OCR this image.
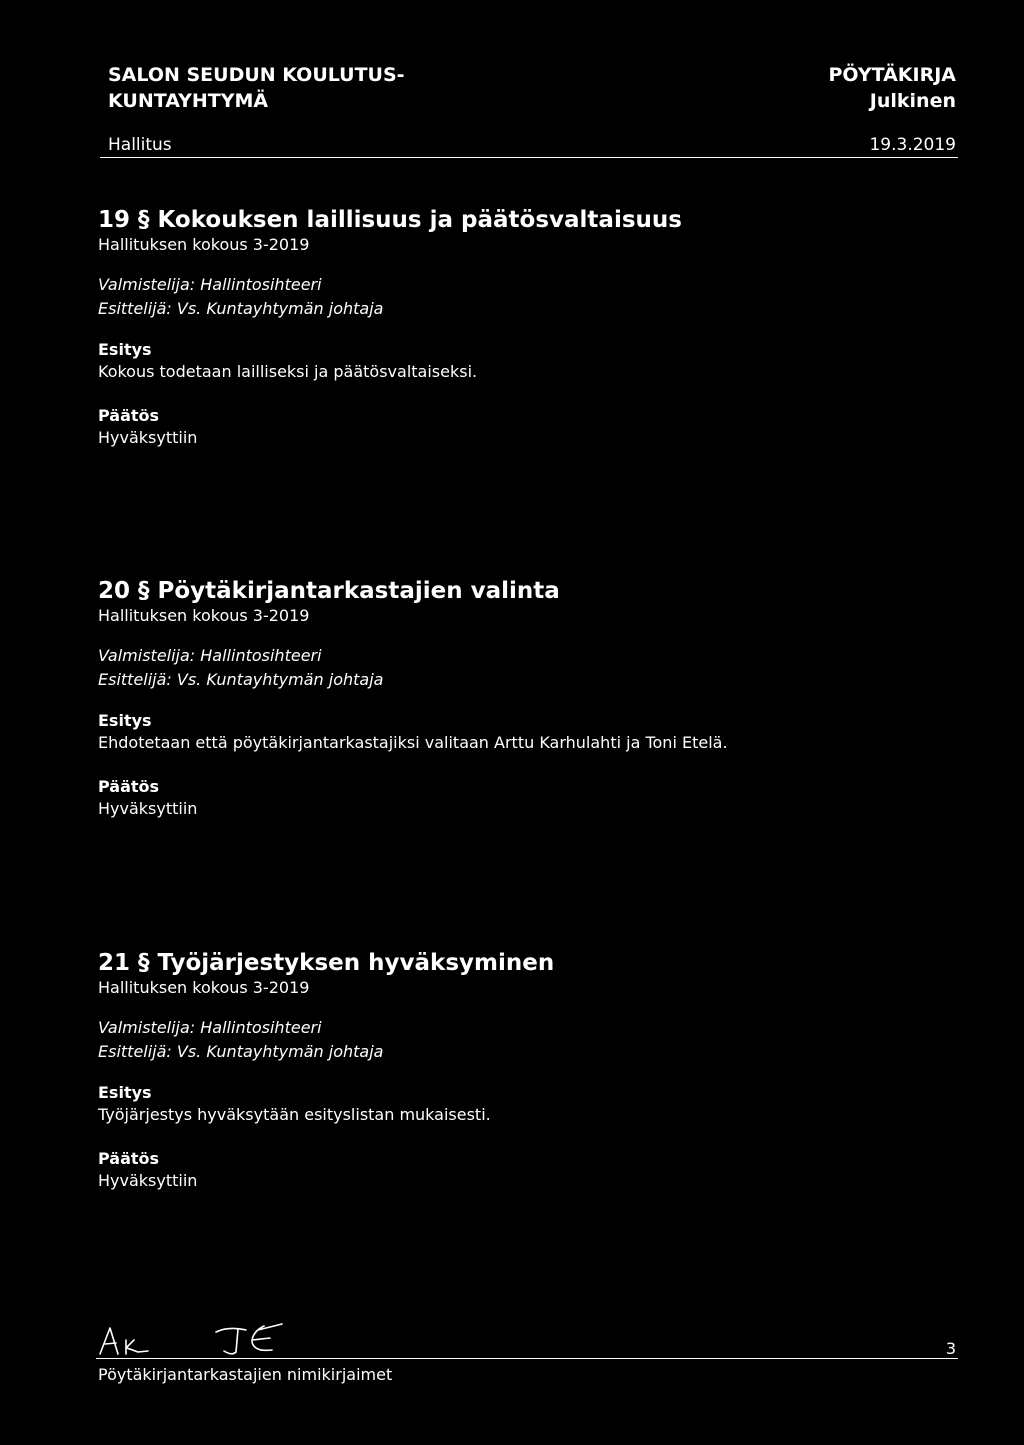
SALON SEUDUN KOULUTUS-
KUNTAYHTYMÄ
PÖYTÄKIRJA
Julkinen
Hallitus	19.3.2019
19 § Kokouksen laillisuus ja päätösvaltaisuus
Hallituksen kokous 3-2019
Valmistelija: Hallintosihteeri
Esittelijä: Vs. Kuntayhtymän johtaja
Esitys
Kokous todetaan lailliseksi ja päätösvaltaiseksi.
Päätös
Hyväksyttiin
20 § Pöytäkirjantarkastajien valinta
Hallituksen kokous 3-2019
Valmistelija: Hallintosihteeri
Esittelijä: Vs. Kuntayhtymän johtaja
Esitys
Ehdotetaan että pöytäkirjantarkastajiksi valitaan Arttu Karhulahti ja Toni Etelä.
Päätös
Hyväksyttiin
21 § Työjärjestyksen hyväksyminen
Hallituksen kokous 3-2019
Valmistelija: Hallintosihteeri
Esittelijä: Vs. Kuntayhtymän johtaja
Esitys
Työjärjestys hyväksytään esityslistan mukaisesti.
Päätös
Hyväksyttiin
Pöytäkirjantarkastajien nimikirjaimet
3
